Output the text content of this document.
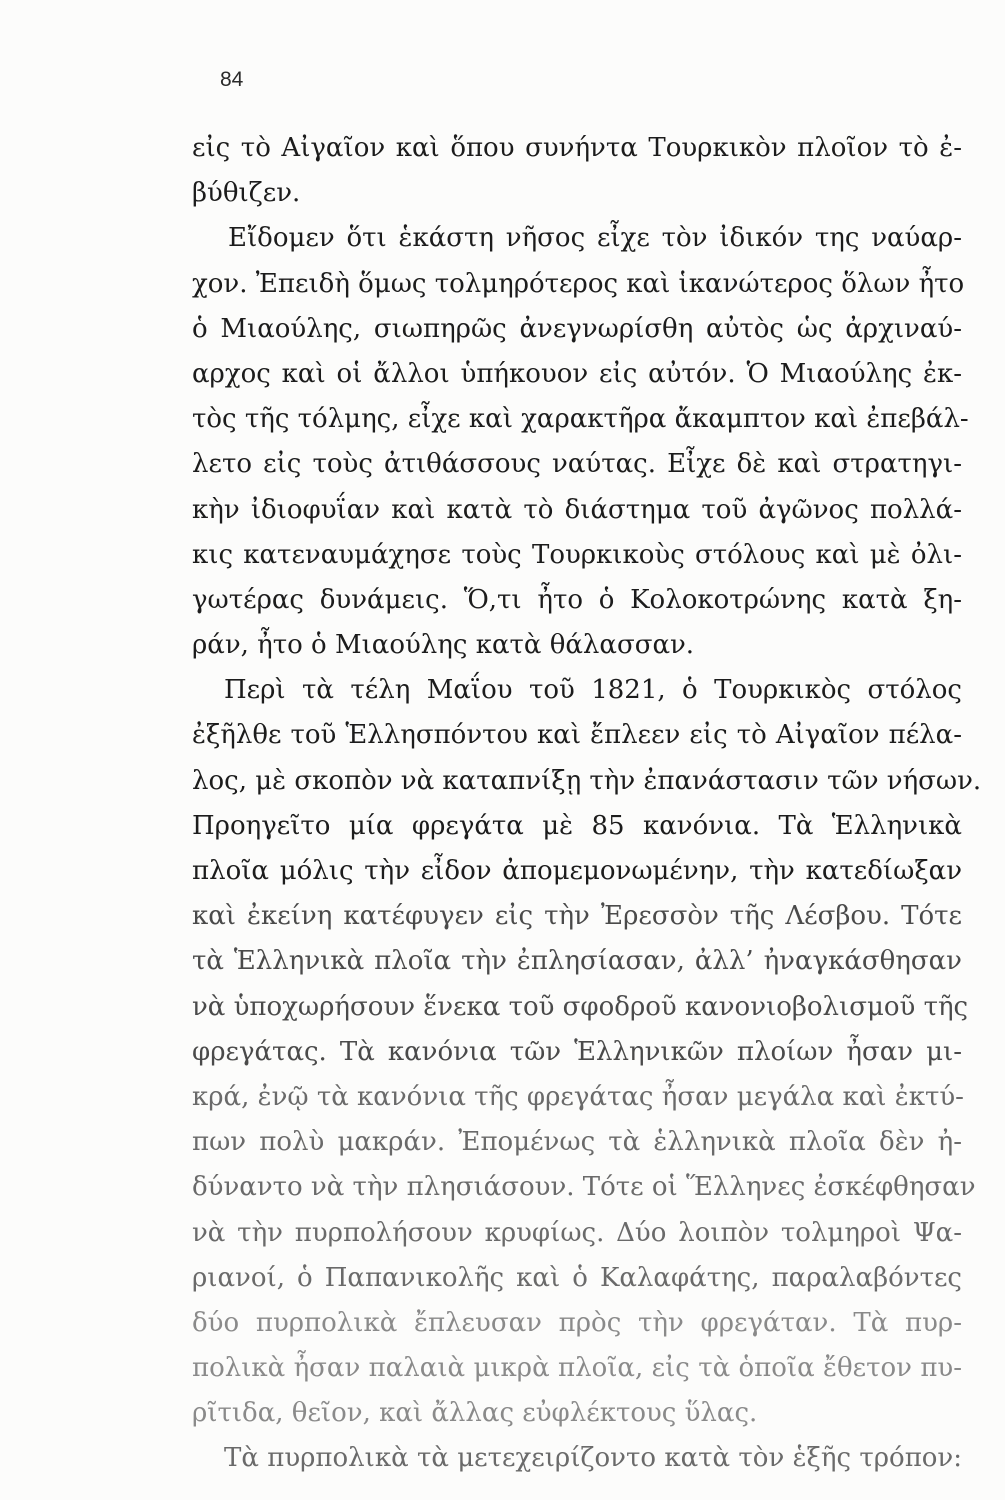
84
εἰς τὸ Αἰγαῖον καὶ ὅπου συνήντα Τουρκικὸν πλοῖον τὸ ἐ-
βύθιζεν.
Εἴδομεν ὅτι ἑκάστη νῆσος εἶχε τὸν ἰδικόν της ναύαρ-
χον. Ἐπειδὴ ὅμως τολμηρότερος καὶ ἱκανώτερος ὅλων ἦτο
ὁ Μιαούλης, σιωπηρῶς ἀνεγνωρίσθη αὐτὸς ὡς ἀρχιναύ-
αρχος καὶ οἱ ἄλλοι ὑπήκουον εἰς αὐτόν. Ὁ Μιαούλης ἐκ-
τὸς τῆς τόλμης, εἶχε καὶ χαρακτῆρα ἄκαμπτον καὶ ἐπεβάλ-
λετο εἰς τοὺς ἀτιθάσσους ναύτας. Εἶχε δὲ καὶ στρατηγι-
κὴν ἰδιοφυΐαν καὶ κατὰ τὸ διάστημα τοῦ ἀγῶνος πολλά-
κις κατεναυμάχησε τοὺς Τουρκικοὺς στόλους καὶ μὲ ὀλι-
γωτέρας δυνάμεις. Ὅ,τι ἦτο ὁ Κολοκοτρώνης κατὰ ξη-
ράν, ἦτο ὁ Μιαούλης κατὰ θάλασσαν.
Περὶ τὰ τέλη Μαΐου τοῦ 1821, ὁ Τουρκικὸς στόλος
ἐξῆλθε τοῦ Ἑλλησπόντου καὶ ἔπλεεν εἰς τὸ Αἰγαῖον πέλα-
λος, μὲ σκοπὸν νὰ καταπνίξῃ τὴν ἐπανάστασιν τῶν νήσων.
Προηγεῖτο μία φρεγάτα μὲ 85 κανόνια. Τὰ Ἑλληνικὰ
πλοῖα μόλις τὴν εἶδον ἀπομεμονωμένην, τὴν κατεδίωξαν
καὶ ἐκείνη κατέφυγεν εἰς τὴν Ἐρεσσὸν τῆς Λέσβου. Τότε
τὰ Ἑλληνικὰ πλοῖα τὴν ἐπλησίασαν, ἀλλ’ ἠναγκάσθησαν
νὰ ὑποχωρήσουν ἕνεκα τοῦ σφοδροῦ κανονιοβολισμοῦ τῆς
φρεγάτας. Τὰ κανόνια τῶν Ἑλληνικῶν πλοίων ἦσαν μι-
κρά, ἐνῷ τὰ κανόνια τῆς φρεγάτας ἦσαν μεγάλα καὶ ἐκτύ-
πων πολὺ μακράν. Ἐπομένως τὰ ἑλληνικὰ πλοῖα δὲν ἠ-
δύναντο νὰ τὴν πλησιάσουν. Τότε οἱ Ἕλληνες ἐσκέφθησαν
νὰ τὴν πυρπολήσουν κρυφίως. Δύο λοιπὸν τολμηροὶ Ψα-
ριανοί, ὁ Παπανικολῆς καὶ ὁ Καλαφάτης, παραλαβόντες
δύο πυρπολικὰ ἔπλευσαν πρὸς τὴν φρεγάταν. Τὰ πυρ-
πολικὰ ἦσαν παλαιὰ μικρὰ πλοῖα, εἰς τὰ ὁποῖα ἔθετον πυ-
ρῖτιδα, θεῖον, καὶ ἄλλας εὐφλέκτους ὕλας.
Τὰ πυρπολικὰ τὰ μετεχειρίζοντο κατὰ τὸν ἑξῆς τρόπον:
